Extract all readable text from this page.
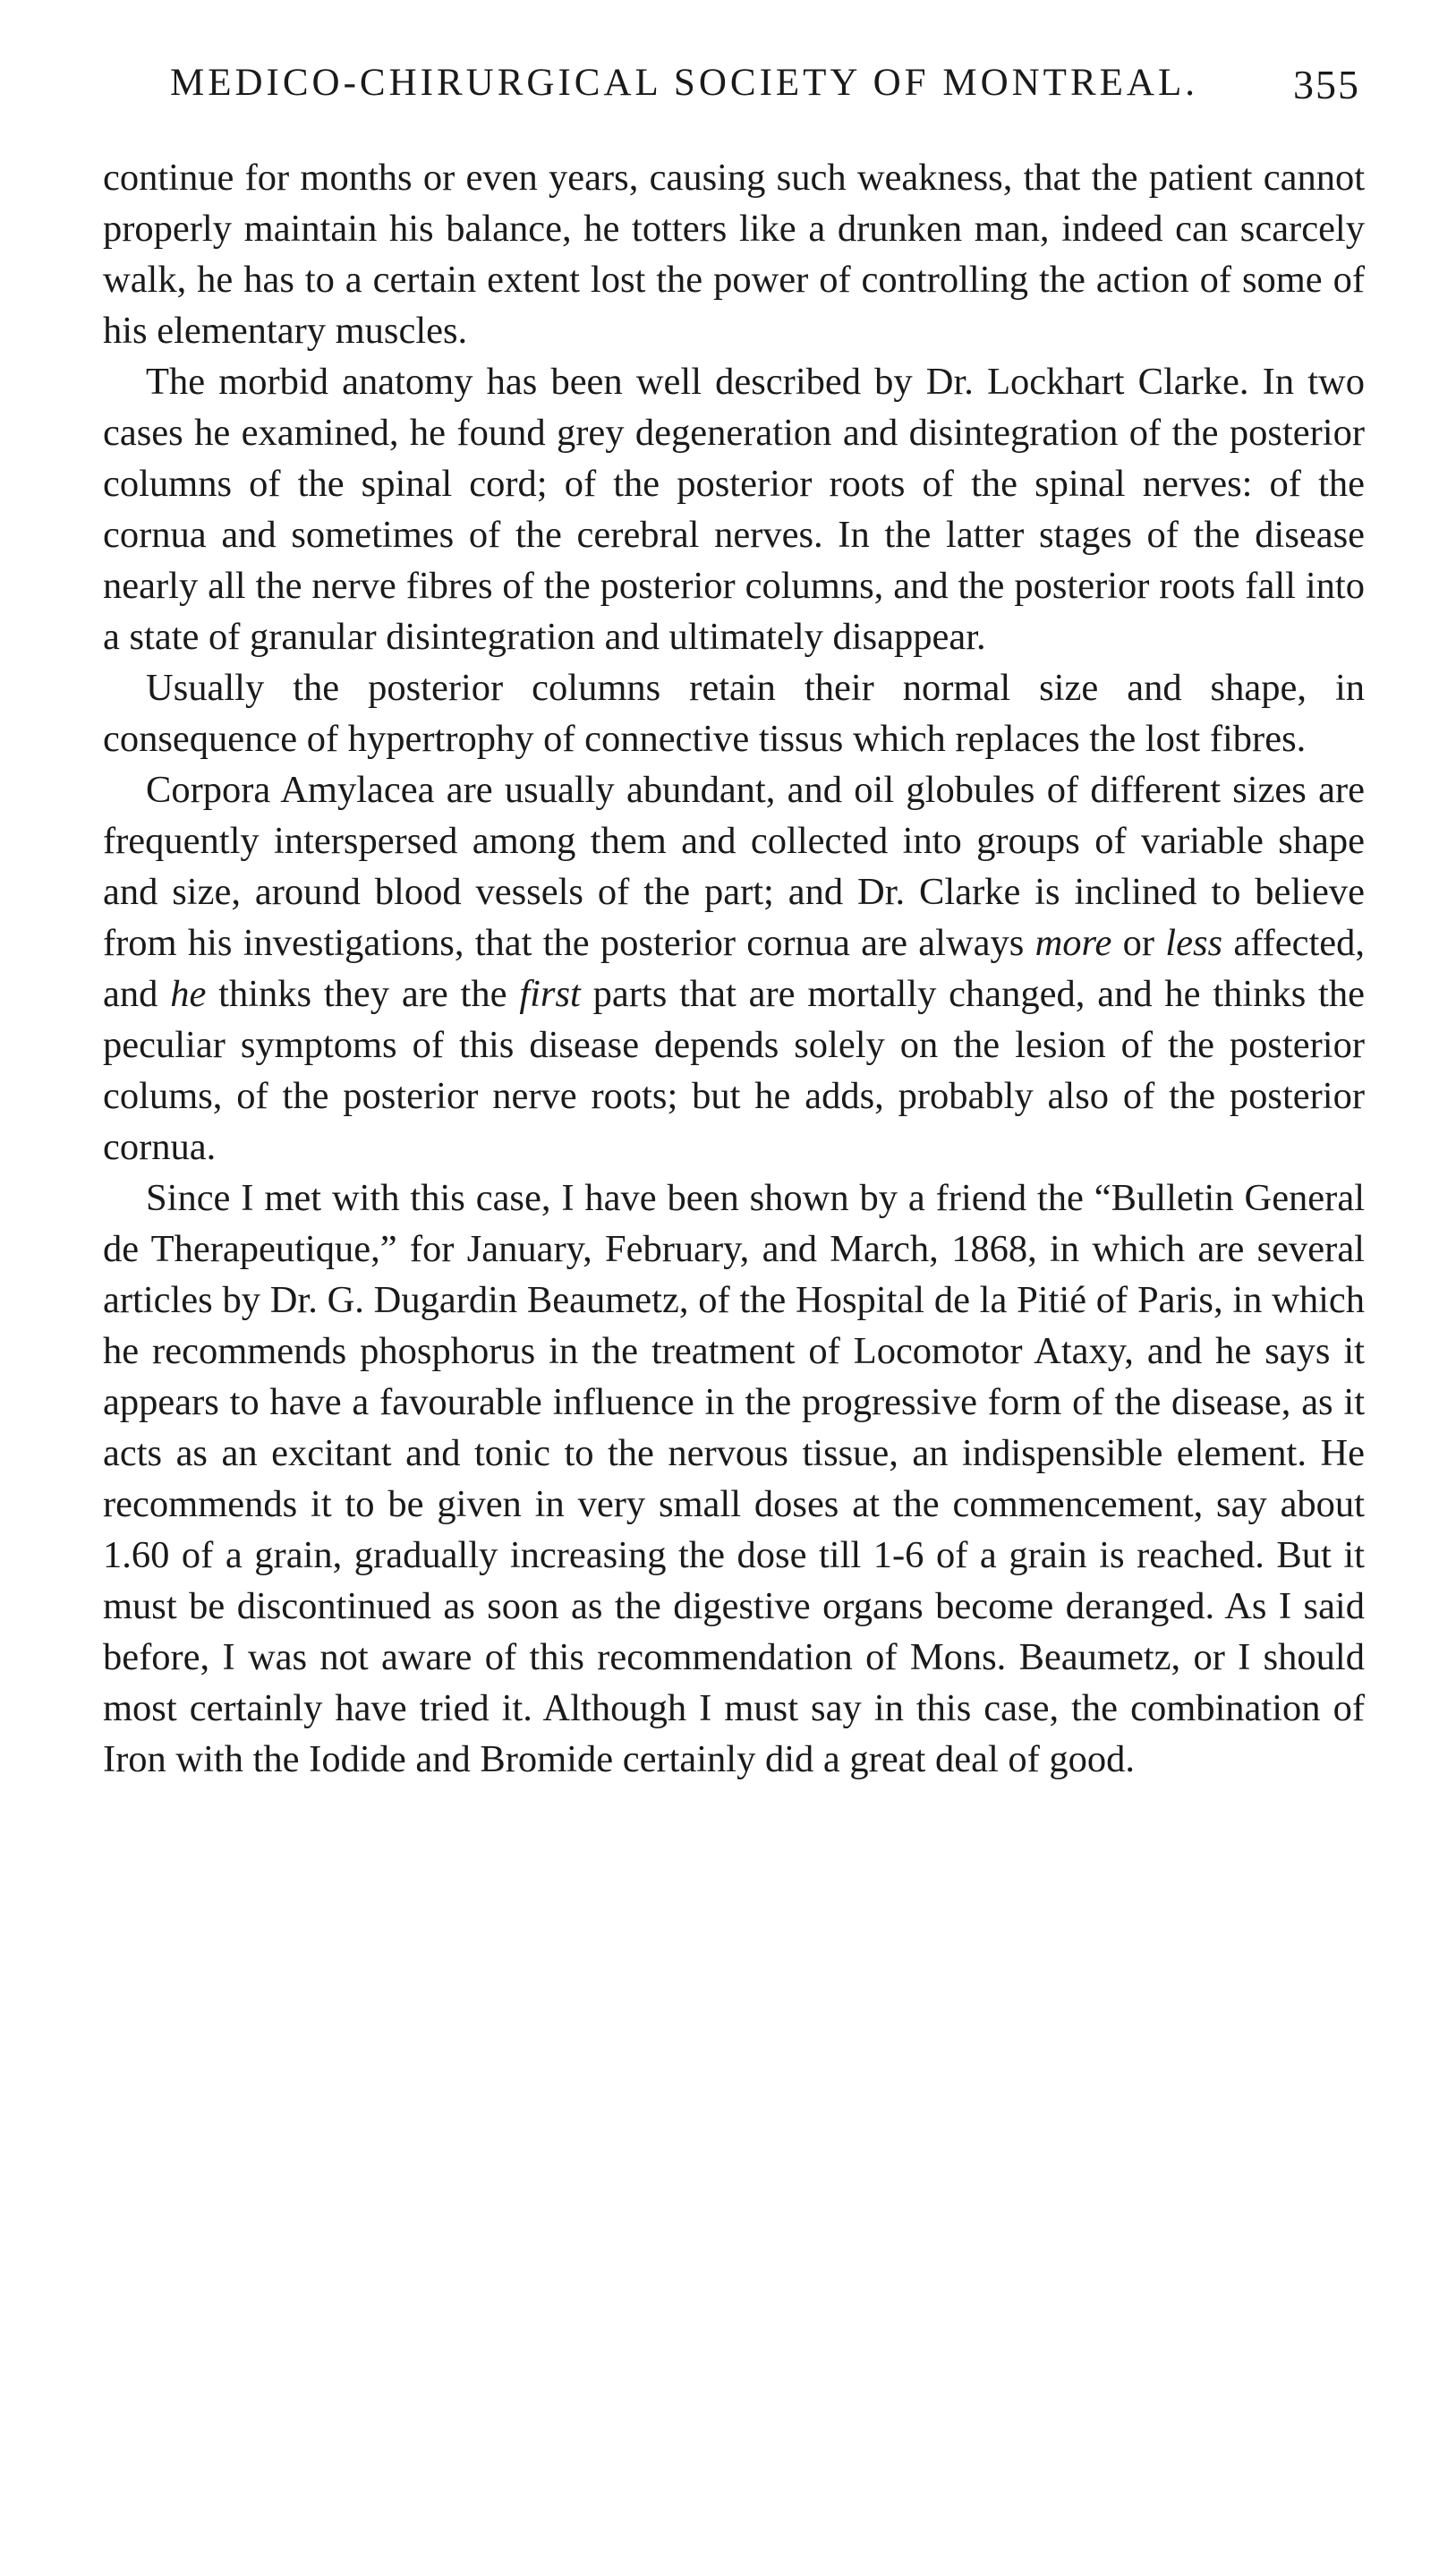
MEDICO-CHIRURGICAL SOCIETY OF MONTREAL. 355

continue for months or even years, causing such weakness, that the patient cannot properly maintain his balance, he totters like a drunken man, indeed can scarcely walk, he has to a certain extent lost the power of controlling the action of some of his elementary muscles.

The morbid anatomy has been well described by Dr. Lockhart Clarke. In two cases he examined, he found grey degeneration and disintegration of the posterior columns of the spinal cord; of the posterior roots of the spinal nerves: of the cornua and sometimes of the cerebral nerves. In the latter stages of the disease nearly all the nerve fibres of the posterior columns, and the posterior roots fall into a state of granular disintegration and ultimately disappear.

Usually the posterior columns retain their normal size and shape, in consequence of hypertrophy of connective tissus which replaces the lost fibres.

Corpora Amylacea are usually abundant, and oil globules of different sizes are frequently interspersed among them and collected into groups of variable shape and size, around blood vessels of the part; and Dr. Clarke is inclined to believe from his investigations, that the posterior cornua are always more or less affected, and he thinks they are the first parts that are mortally changed, and he thinks the peculiar symptoms of this disease depends solely on the lesion of the posterior colums, of the posterior nerve roots; but he adds, probably also of the posterior cornua.

Since I met with this case, I have been shown by a friend the “Bulletin General de Therapeutique,” for January, February, and March, 1868, in which are several articles by Dr. G. Dugardin Beaumetz, of the Hospital de la Pitié of Paris, in which he recommends phosphorus in the treatment of Locomotor Ataxy, and he says it appears to have a favourable influence in the progressive form of the disease, as it acts as an excitant and tonic to the nervous tissue, an indispensible element. He recommends it to be given in very small doses at the commencement, say about 1.60 of a grain, gradually increasing the dose till 1-6 of a grain is reached. But it must be discontinued as soon as the digestive organs become deranged. As I said before, I was not aware of this recommendation of Mons. Beaumetz, or I should most certainly have tried it. Although I must say in this case, the combination of Iron with the Iodide and Bromide certainly did a great deal of good.
